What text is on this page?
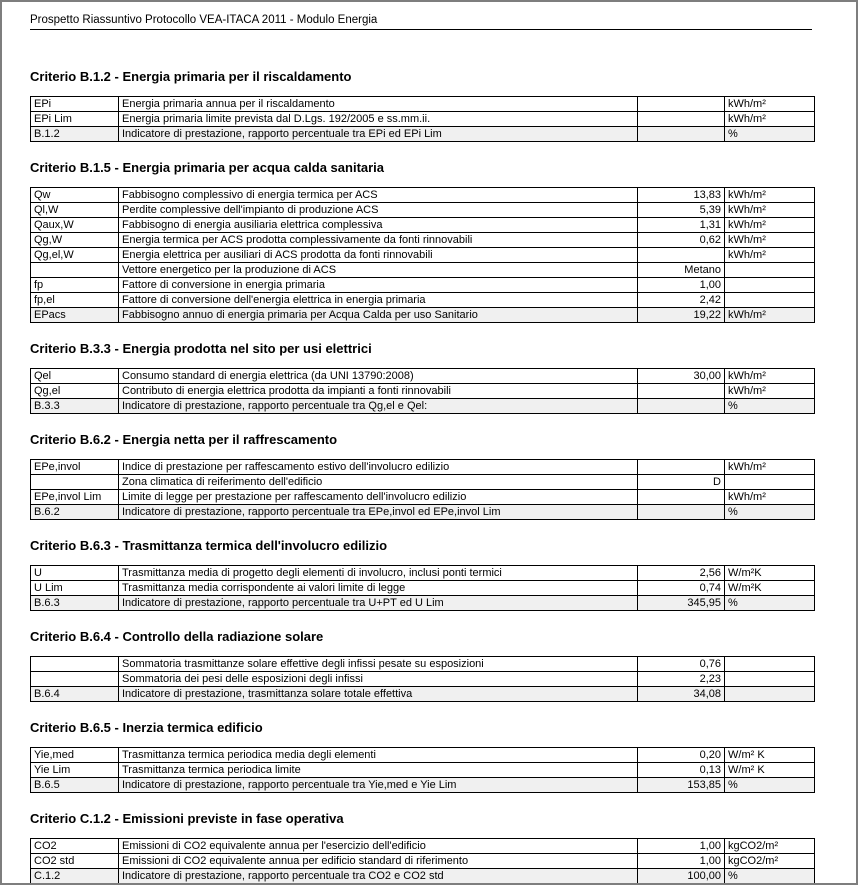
Prospetto Riassuntivo Protocollo VEA-ITACA 2011 - Modulo Energia
Criterio B.1.2 - Energia primaria per il riscaldamento
EPi	Energia primaria annua per il riscaldamento		kWh/m²
EPi Lim	Energia primaria limite prevista dal D.Lgs. 192/2005 e ss.mm.ii.		kWh/m²
B.1.2	Indicatore di prestazione, rapporto percentuale tra EPi ed EPi Lim		%
Criterio B.1.5 - Energia primaria per acqua calda sanitaria
Qw	Fabbisogno complessivo di energia termica per ACS	13,83	kWh/m²
Ql,W	Perdite complessive dell'impianto di produzione ACS	5,39	kWh/m²
Qaux,W	Fabbisogno di energia ausiliaria elettrica complessiva	1,31	kWh/m²
Qg,W	Energia termica per ACS prodotta complessivamente da fonti rinnovabili	0,62	kWh/m²
Qg,el,W	Energia elettrica per ausiliari di ACS prodotta da fonti rinnovabili		kWh/m²
	Vettore energetico per la produzione di ACS	Metano	
fp	Fattore di conversione in energia primaria	1,00	
fp,el	Fattore di conversione dell'energia elettrica in energia primaria	2,42	
EPacs	Fabbisogno annuo di energia primaria per Acqua Calda per uso Sanitario	19,22	kWh/m²
Criterio B.3.3 - Energia prodotta nel sito per usi elettrici
Qel	Consumo standard di energia elettrica (da UNI 13790:2008)	30,00	kWh/m²
Qg,el	Contributo di energia elettrica prodotta da impianti a fonti rinnovabili		kWh/m²
B.3.3	Indicatore di prestazione, rapporto percentuale tra Qg,el e Qel:		%
Criterio B.6.2 - Energia netta per il raffrescamento
EPe,invol	Indice di prestazione per raffescamento estivo dell'involucro edilizio		kWh/m²
	Zona climatica di reiferimento dell'edificio	D	
EPe,invol Lim	Limite di legge per prestazione per raffescamento dell'involucro edilizio		kWh/m²
B.6.2	Indicatore di prestazione, rapporto percentuale tra EPe,invol ed EPe,invol Lim		%
Criterio B.6.3 - Trasmittanza termica dell'involucro edilizio
U	Trasmittanza media di progetto degli elementi di involucro, inclusi ponti termici	2,56	W/m²K
U Lim	Trasmittanza media corrispondente ai valori limite di legge	0,74	W/m²K
B.6.3	Indicatore di prestazione, rapporto percentuale tra U+PT ed U Lim	345,95	%
Criterio B.6.4 - Controllo della radiazione solare
	Sommatoria trasmittanze solare effettive degli infissi pesate su esposizioni	0,76	
	Sommatoria dei pesi delle esposizioni degli infissi	2,23	
B.6.4	Indicatore di prestazione, trasmittanza solare totale effettiva	34,08	
Criterio B.6.5 - Inerzia termica edificio
Yie,med	Trasmittanza termica periodica media degli elementi	0,20	W/m² K
Yie Lim	Trasmittanza termica periodica limite	0,13	W/m² K
B.6.5	Indicatore di prestazione, rapporto percentuale tra Yie,med e Yie Lim	153,85	%
Criterio C.1.2 - Emissioni previste in fase operativa
CO2	Emissioni di CO2 equivalente annua per l'esercizio dell'edificio	1,00	kgCO2/m²
CO2 std	Emissioni di CO2 equivalente annua per edificio standard di riferimento	1,00	kgCO2/m²
C.1.2	Indicatore di prestazione, rapporto percentuale tra CO2 e CO2 std	100,00	%
